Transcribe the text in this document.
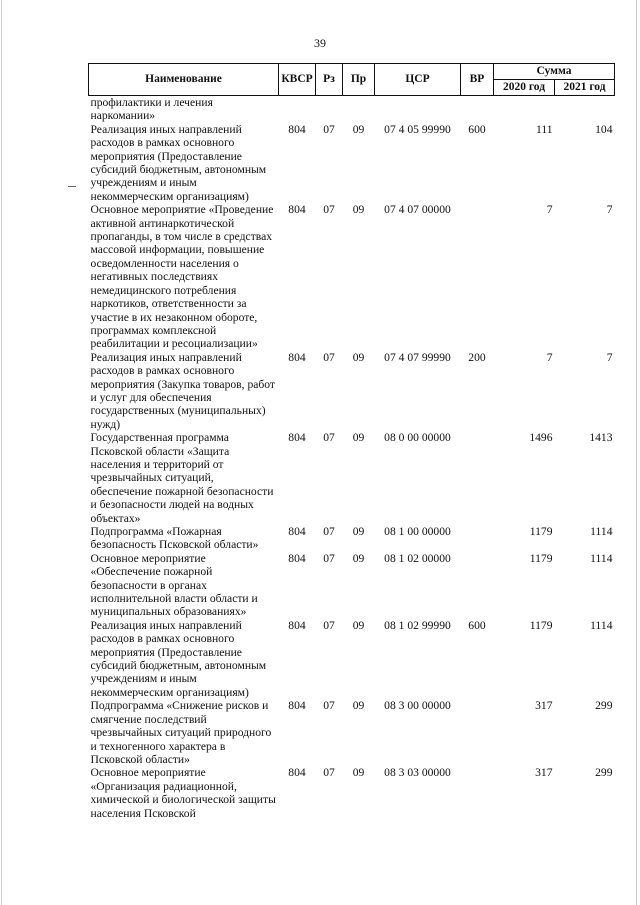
39
Наименование	КВСР	Рз	Пр	ЦСР	ВР	Сумма	
						2020 год	2021 год
профилактики и лечения наркомании»							
Реализация иных направлений расходов в рамках основного мероприятия (Предоставление субсидий бюджетным, автономным учреждениям и иным некоммерческим организациям)	804	07	09	07 4 05 99990	600	111	104
Основное мероприятие «Проведение активной антинаркотической пропаганды, в том числе в средствах массовой информации, повышение осведомленности населения о негативных последствиях немедицинского потребления наркотиков, ответственности за участие в их незаконном обороте, программах комплексной реабилитации и ресоциализации»	804	07	09	07 4 07 00000		7	7
Реализация иных направлений расходов в рамках основного мероприятия (Закупка товаров, работ и услуг для обеспечения государственных (муниципальных) нужд)	804	07	09	07 4 07 99990	200	7	7
Государственная программа Псковской области «Защита населения и территорий от чрезвычайных ситуаций, обеспечение пожарной безопасности и безопасности людей на водных объектах»	804	07	09	08 0 00 00000		1496	1413
Подпрограмма «Пожарная безопасность Псковской области»	804	07	09	08 1 00 00000		1179	1114
Основное мероприятие «Обеспечение пожарной безопасности в органах исполнительной власти области и муниципальных образованиях»	804	07	09	08 1 02 00000		1179	1114
Реализация иных направлений расходов в рамках основного мероприятия (Предоставление субсидий бюджетным, автономным учреждениям и иным некоммерческим организациям)	804	07	09	08 1 02 99990	600	1179	1114
Подпрограмма «Снижение рисков и смягчение последствий чрезвычайных ситуаций природного и техногенного характера в Псковской области»	804	07	09	08 3 00 00000		317	299
Основное мероприятие «Организация радиационной, химической и биологической защиты населения Псковской	804	07	09	08 3 03 00000		317	299
